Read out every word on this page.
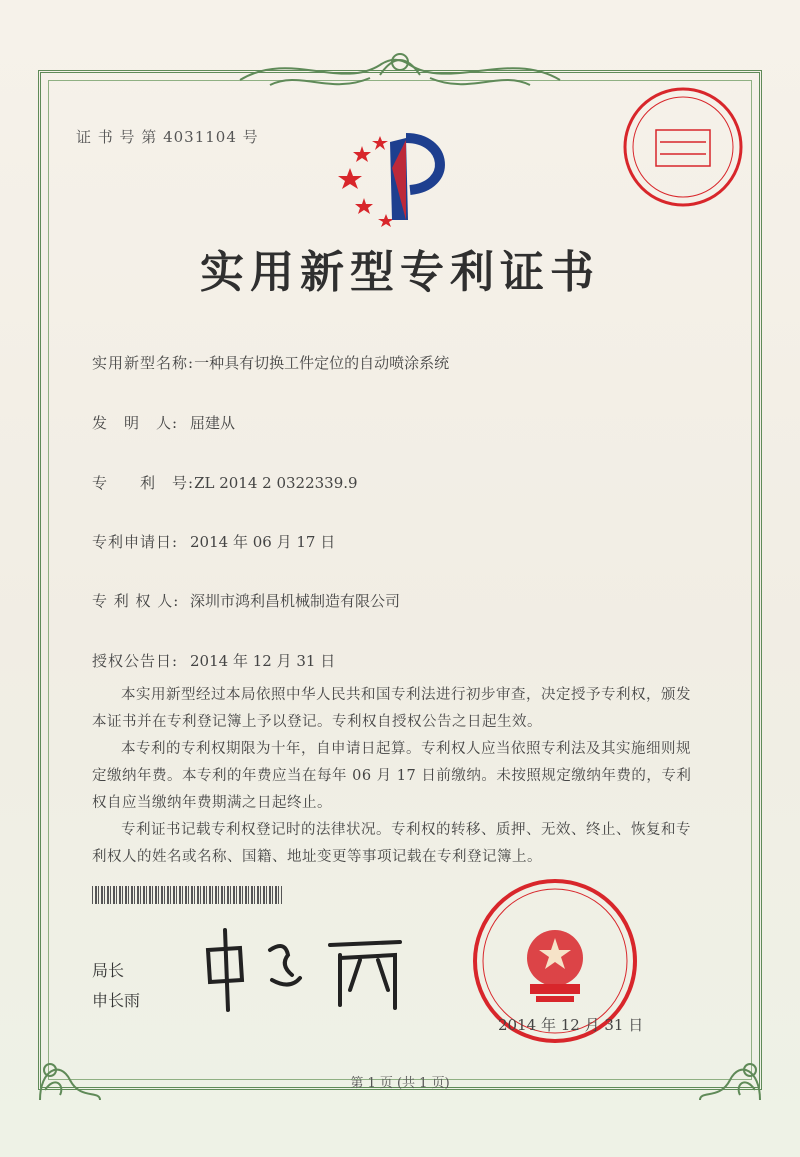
证 书 号 第 4031104 号
实用新型专利证书
实用新型名称:一种具有切换工件定位的自动喷涂系统
发　明　人: 屈建从
专　　利　号:ZL 2014 2 0322339.9
专利申请日: 2014 年 06 月 17 日
专 利 权 人: 深圳市鸿利昌机械制造有限公司
授权公告日: 2014 年 12 月 31 日

本实用新型经过本局依照中华人民共和国专利法进行初步审查，决定授予专利权，颁发本证书并在专利登记簿上予以登记。专利权自授权公告之日起生效。

本专利的专利权期限为十年，自申请日起算。专利权人应当依照专利法及其实施细则规定缴纳年费。本专利的年费应当在每年 06 月 17 日前缴纳。未按照规定缴纳年费的，专利权自应当缴纳年费期满之日起终止。

专利证书记载专利权登记时的法律状况。专利权的转移、质押、无效、终止、恢复和专利权人的姓名或名称、国籍、地址变更等事项记载在专利登记簿上。

局长
申长雨
2014 年 12 月 31 日
第 1 页 (共 1 页)
